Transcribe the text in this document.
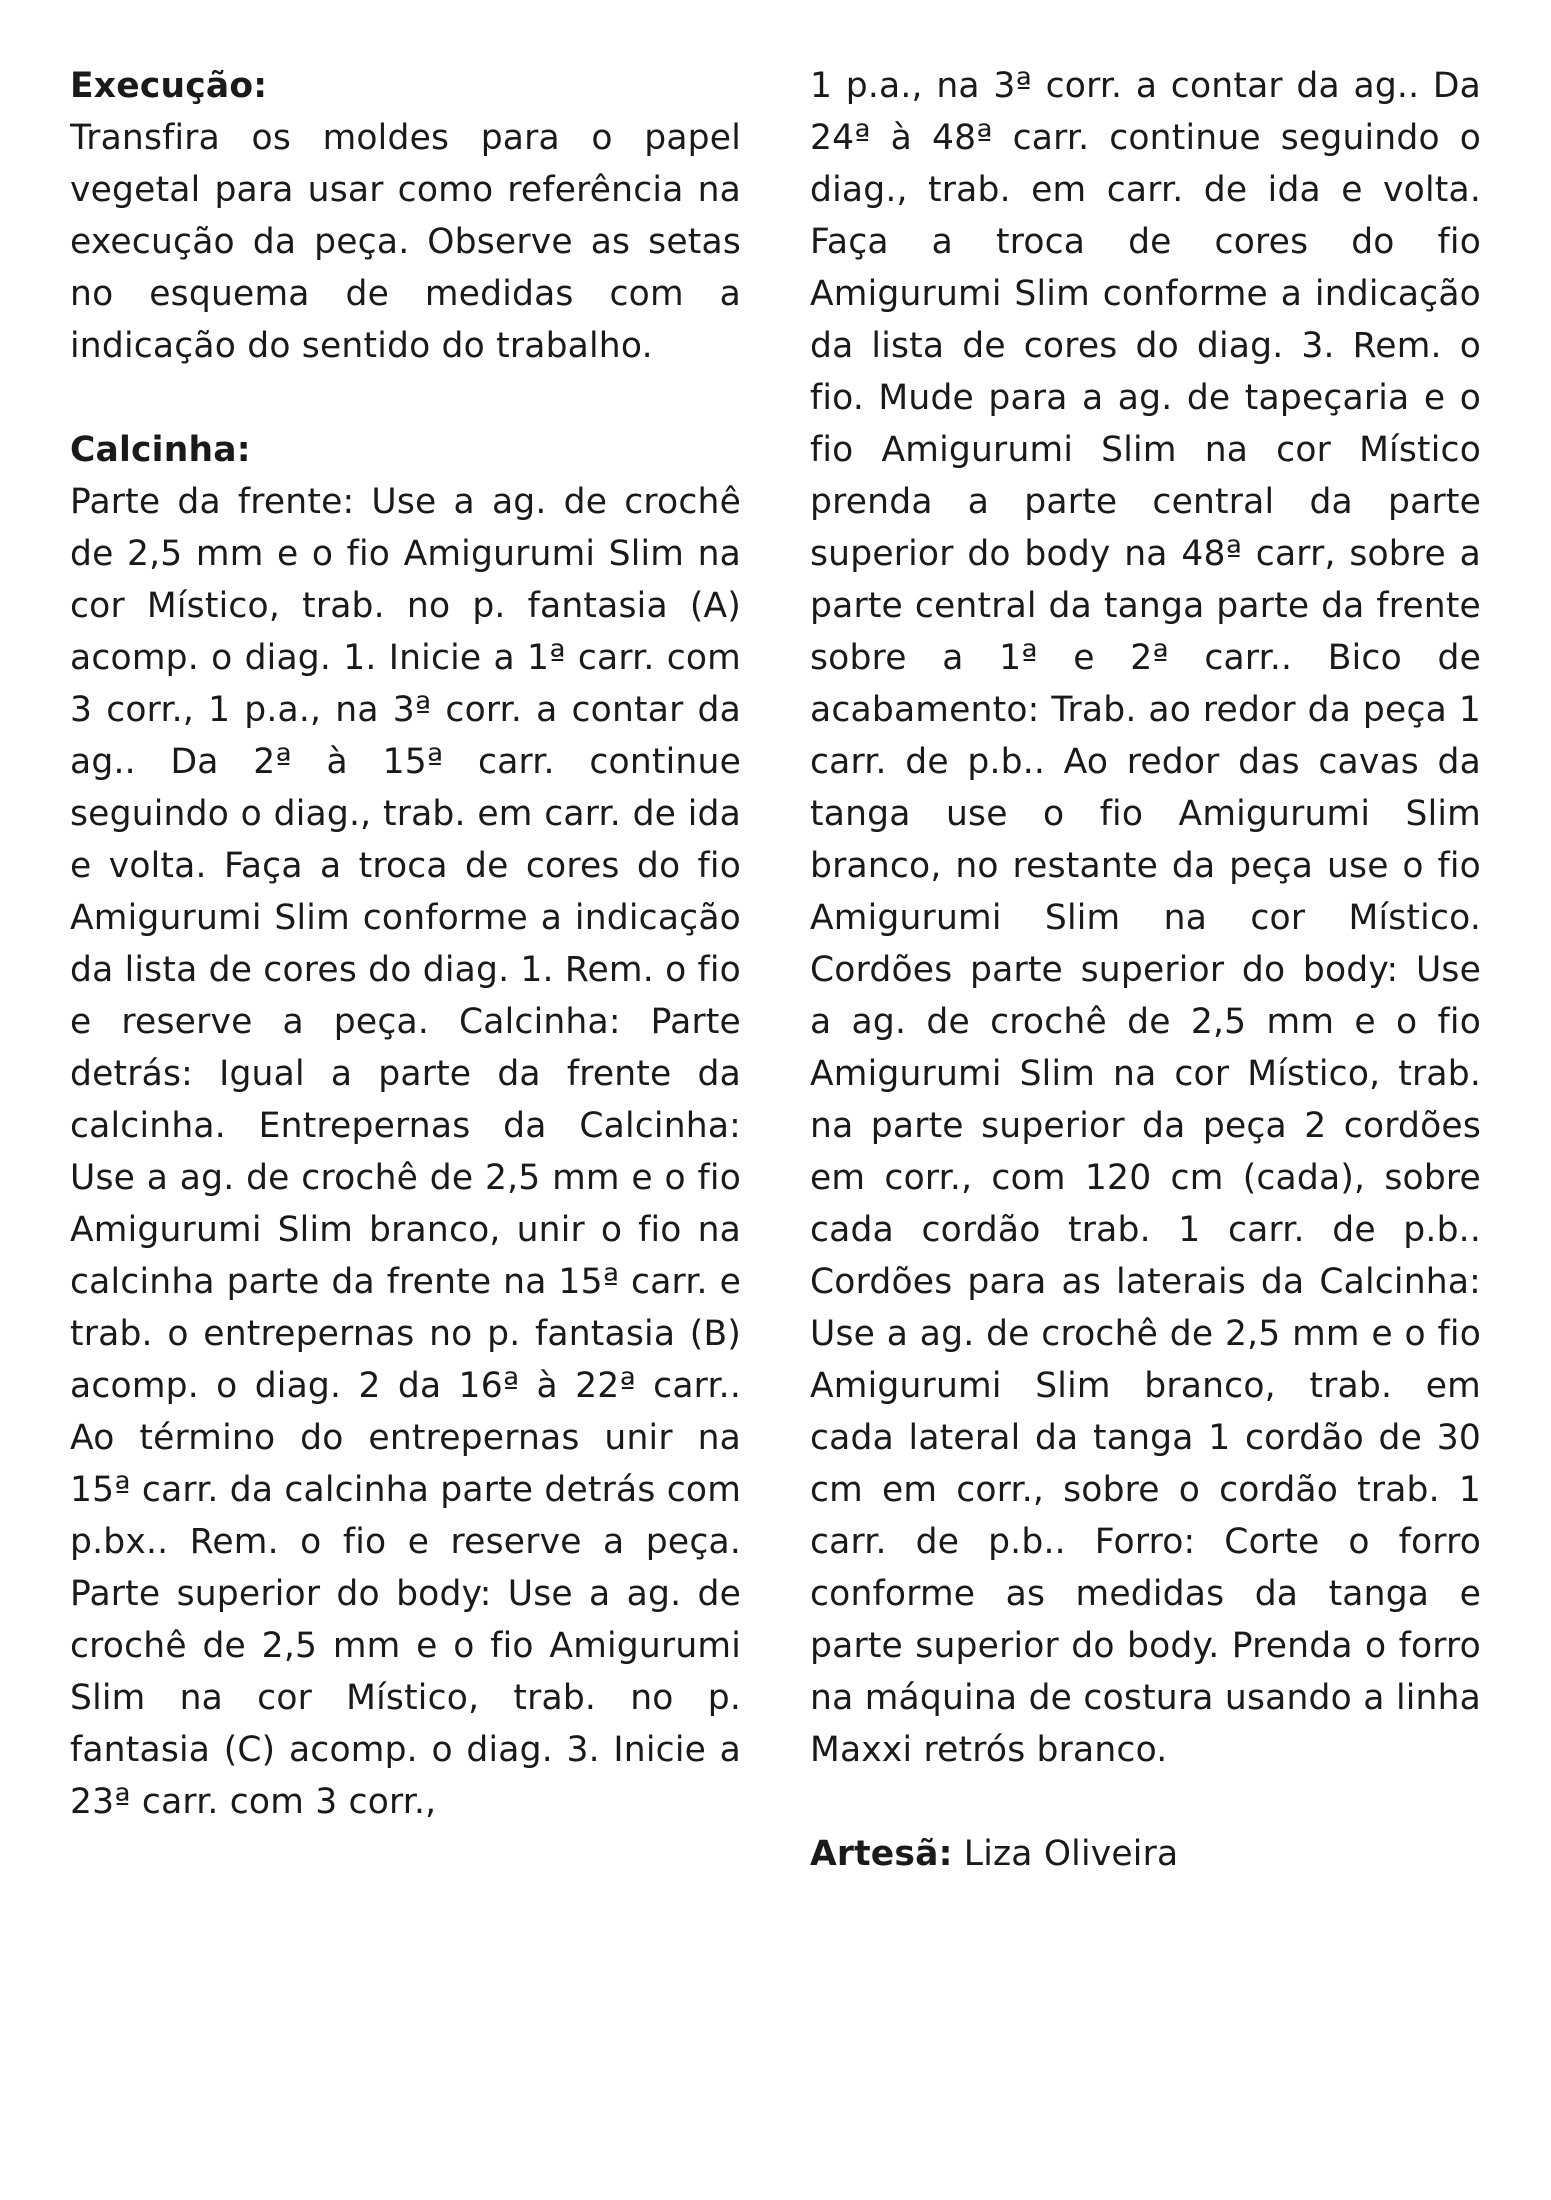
Execução:

Transfira os moldes para o papel vegetal para usar como referência na execução da peça. Observe as setas no esquema de medidas com a indicação do sentido do trabalho.

Calcinha:

Parte da frente: Use a ag. de crochê de 2,5 mm e o fio Amigurumi Slim na cor Místico, trab. no p. fantasia (A) acomp. o diag. 1. Inicie a 1ª carr. com 3 corr., 1 p.a., na 3ª corr. a contar da ag.. Da 2ª à 15ª carr. continue seguindo o diag., trab. em carr. de ida e volta. Faça a troca de cores do fio Amigurumi Slim conforme a indicação da lista de cores do diag. 1. Rem. o fio e reserve a peça. Calcinha: Parte detrás: Igual a parte da frente da calcinha. Entrepernas da Calcinha: Use a ag. de crochê de 2,5 mm e o fio Amigurumi Slim branco, unir o fio na calcinha parte da frente na 15ª carr. e trab. o entrepernas no p. fantasia (B) acomp. o diag. 2 da 16ª à 22ª carr.. Ao término do entrepernas unir na 15ª carr. da calcinha parte detrás com p.bx.. Rem. o fio e reserve a peça. Parte superior do body: Use a ag. de crochê de 2,5 mm e o fio Amigurumi Slim na cor Místico, trab. no p. fantasia (C) acomp. o diag. 3. Inicie a 23ª carr. com 3 corr.,

1 p.a., na 3ª corr. a contar da ag.. Da 24ª à 48ª carr. continue seguindo o diag., trab. em carr. de ida e volta. Faça a troca de cores do fio Amigurumi Slim conforme a indicação da lista de cores do diag. 3. Rem. o fio. Mude para a ag. de tapeçaria e o fio Amigurumi Slim na cor Místico prenda a parte central da parte superior do body na 48ª carr, sobre a parte central da tanga parte da frente sobre a 1ª e 2ª carr.. Bico de acabamento: Trab. ao redor da peça 1 carr. de p.b.. Ao redor das cavas da tanga use o fio Amigurumi Slim branco, no restante da peça use o fio Amigurumi Slim na cor Místico. Cordões parte superior do body: Use a ag. de crochê de 2,5 mm e o fio Amigurumi Slim na cor Místico, trab. na parte superior da peça 2 cordões em corr., com 120 cm (cada), sobre cada cordão trab. 1 carr. de p.b.. Cordões para as laterais da Calcinha: Use a ag. de crochê de 2,5 mm e o fio Amigurumi Slim branco, trab. em cada lateral da tanga 1 cordão de 30 cm em corr., sobre o cordão trab. 1 carr. de p.b.. Forro: Corte o forro conforme as medidas da tanga e parte superior do body. Prenda o forro na máquina de costura usando a linha Maxxi retrós branco.

Artesã: Liza Oliveira
